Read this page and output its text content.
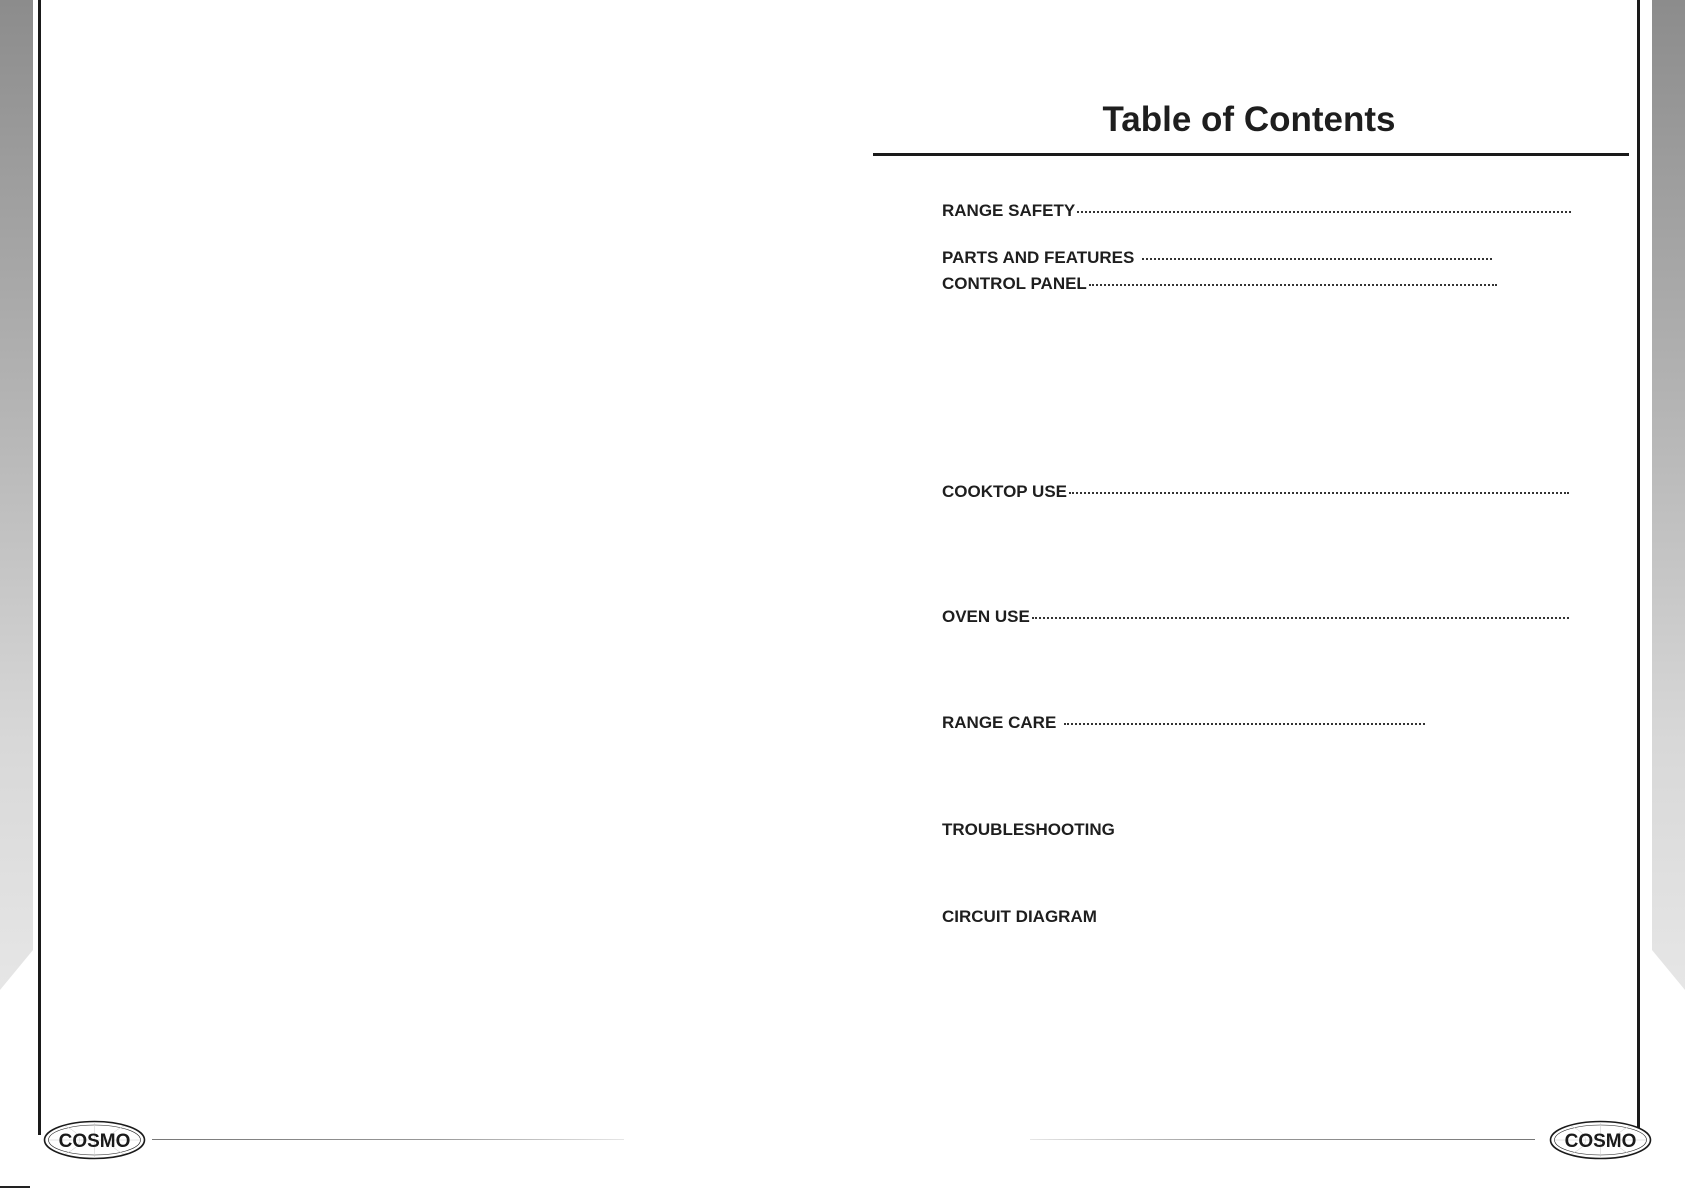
Table of Contents
RANGE SAFETY
PARTS AND FEATURES
CONTROL PANEL
COOKTOP USE
OVEN USE
RANGE CARE
TROUBLESHOOTING
CIRCUIT DIAGRAM
COSMO	COSMO
